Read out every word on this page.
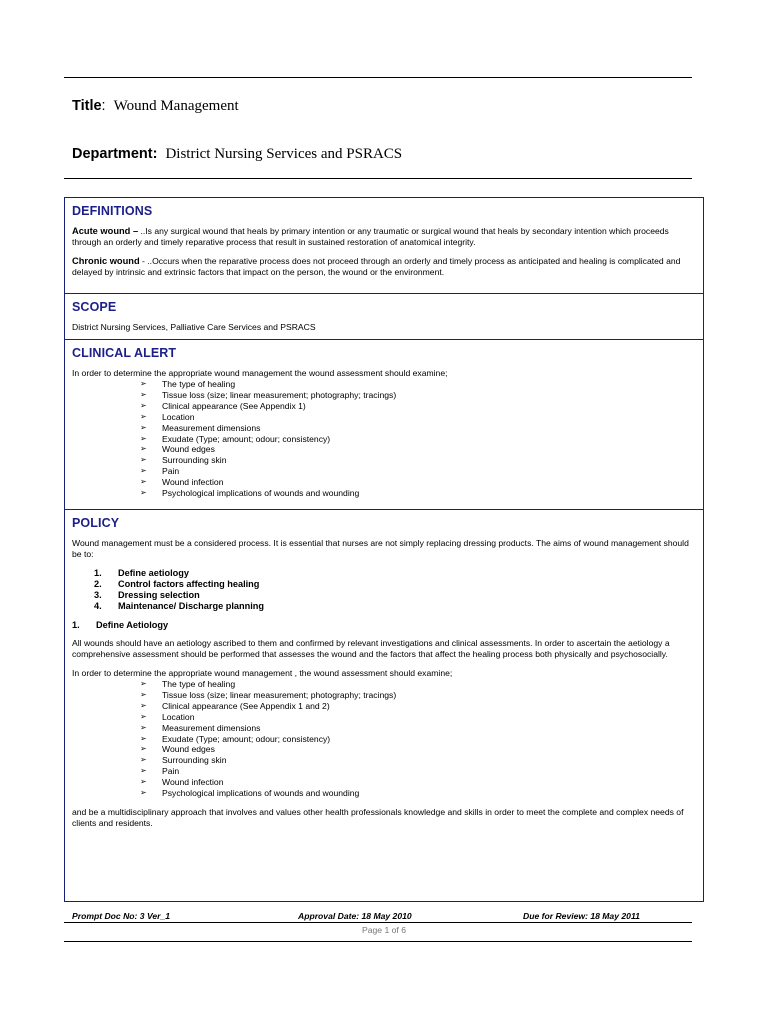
Title:  Wound Management
Department: District Nursing Services and PSRACS
DEFINITIONS

Acute wound – ..Is any surgical wound that heals by primary intention or any traumatic or surgical wound that heals by secondary intention which proceeds through an orderly and timely reparative process that result in sustained restoration of anatomical integrity.

Chronic wound - ..Occurs when the reparative process does not proceed through an orderly and timely process as anticipated and healing is complicated and delayed by intrinsic and extrinsic factors that impact on the person, the wound or the environment.

SCOPE

District Nursing Services, Palliative Care Services and PSRACS

CLINICAL ALERT

In order to determine the appropriate wound management the wound assessment should examine;

➢ The type of healing
➢ Tissue loss (size; linear measurement; photography; tracings)
➢ Clinical appearance (See Appendix 1)
➢ Location
➢ Measurement dimensions
➢ Exudate (Type; amount; odour; consistency)
➢ Wound edges
➢ Surrounding skin
➢ Pain
➢ Wound infection
➢ Psychological implications of wounds and wounding
POLICY

Wound management must be a considered process. It is essential that nurses are not simply replacing dressing products. The aims of wound management should be to:

1. Define aetiology
2. Control factors affecting healing
3. Dressing selection
4. Maintenance/ Discharge planning

1. Define Aetiology

All wounds should have an aetiology ascribed to them and confirmed by relevant investigations and clinical assessments. In order to ascertain the aetiology a comprehensive assessment should be performed that assesses the wound and the factors that affect the healing process both physically and psychosocially.

In order to determine the appropriate wound management , the wound assessment should examine;

➢ The type of healing
➢ Tissue loss (size; linear measurement; photography; tracings)
➢ Clinical appearance (See Appendix 1 and 2)
➢ Location
➢ Measurement dimensions
➢ Exudate (Type; amount; odour; consistency)
➢ Wound edges
➢ Surrounding skin
➢ Pain
➢ Wound infection
➢ Psychological implications of wounds and wounding

and be a multidisciplinary approach that involves and values other health professionals knowledge and skills in order to meet the complete and complex needs of clients and residents.

Prompt Doc No: 3 Ver_1	Approval Date: 18 May 2010	Due for Review: 18 May 2011
Page 1 of 6
